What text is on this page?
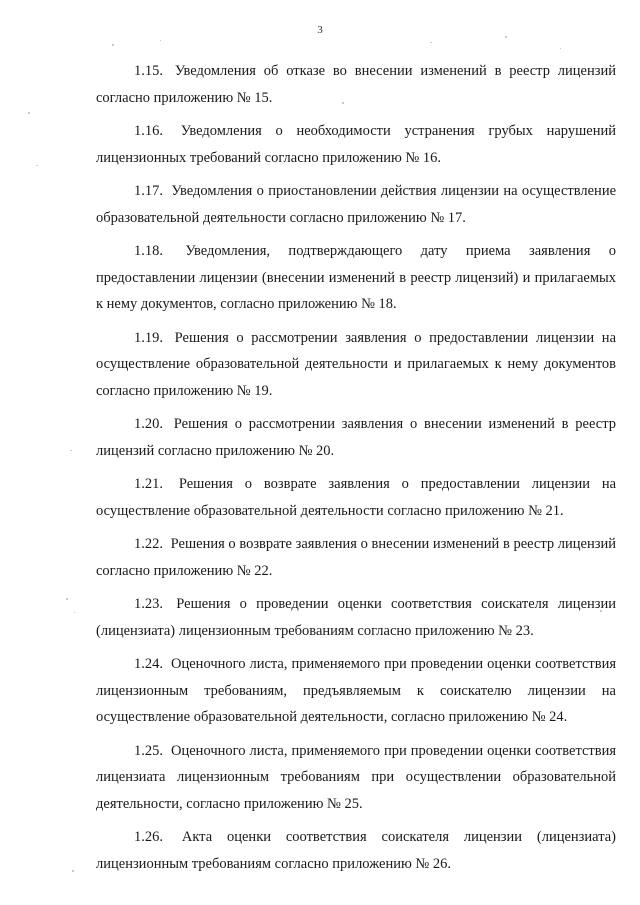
3

1.15. Уведомления об отказе во внесении изменений в реестр лицензий согласно приложению № 15.

1.16. Уведомления о необходимости устранения грубых нарушений лицензионных требований согласно приложению № 16.

1.17. Уведомления о приостановлении действия лицензии на осуществление образовательной деятельности согласно приложению № 17.

1.18. Уведомления, подтверждающего дату приема заявления о предоставлении лицензии (внесении изменений в реестр лицензий) и прилагаемых к нему документов, согласно приложению № 18.

1.19. Решения о рассмотрении заявления о предоставлении лицензии на осуществление образовательной деятельности и прилагаемых к нему документов согласно приложению № 19.

1.20. Решения о рассмотрении заявления о внесении изменений в реестр лицензий согласно приложению № 20.

1.21. Решения о возврате заявления о предоставлении лицензии на осуществление образовательной деятельности согласно приложению № 21.

1.22. Решения о возврате заявления о внесении изменений в реестр лицензий согласно приложению № 22.

1.23. Решения о проведении оценки соответствия соискателя лицензии (лицензиата) лицензионным требованиям согласно приложению № 23.

1.24. Оценочного листа, применяемого при проведении оценки соответствия лицензионным требованиям, предъявляемым к соискателю лицензии на осуществление образовательной деятельности, согласно приложению № 24.

1.25. Оценочного листа, применяемого при проведении оценки соответствия лицензиата лицензионным требованиям при осуществлении образовательной деятельности, согласно приложению № 25.

1.26. Акта оценки соответствия соискателя лицензии (лицензиата) лицензионным требованиям согласно приложению № 26.
